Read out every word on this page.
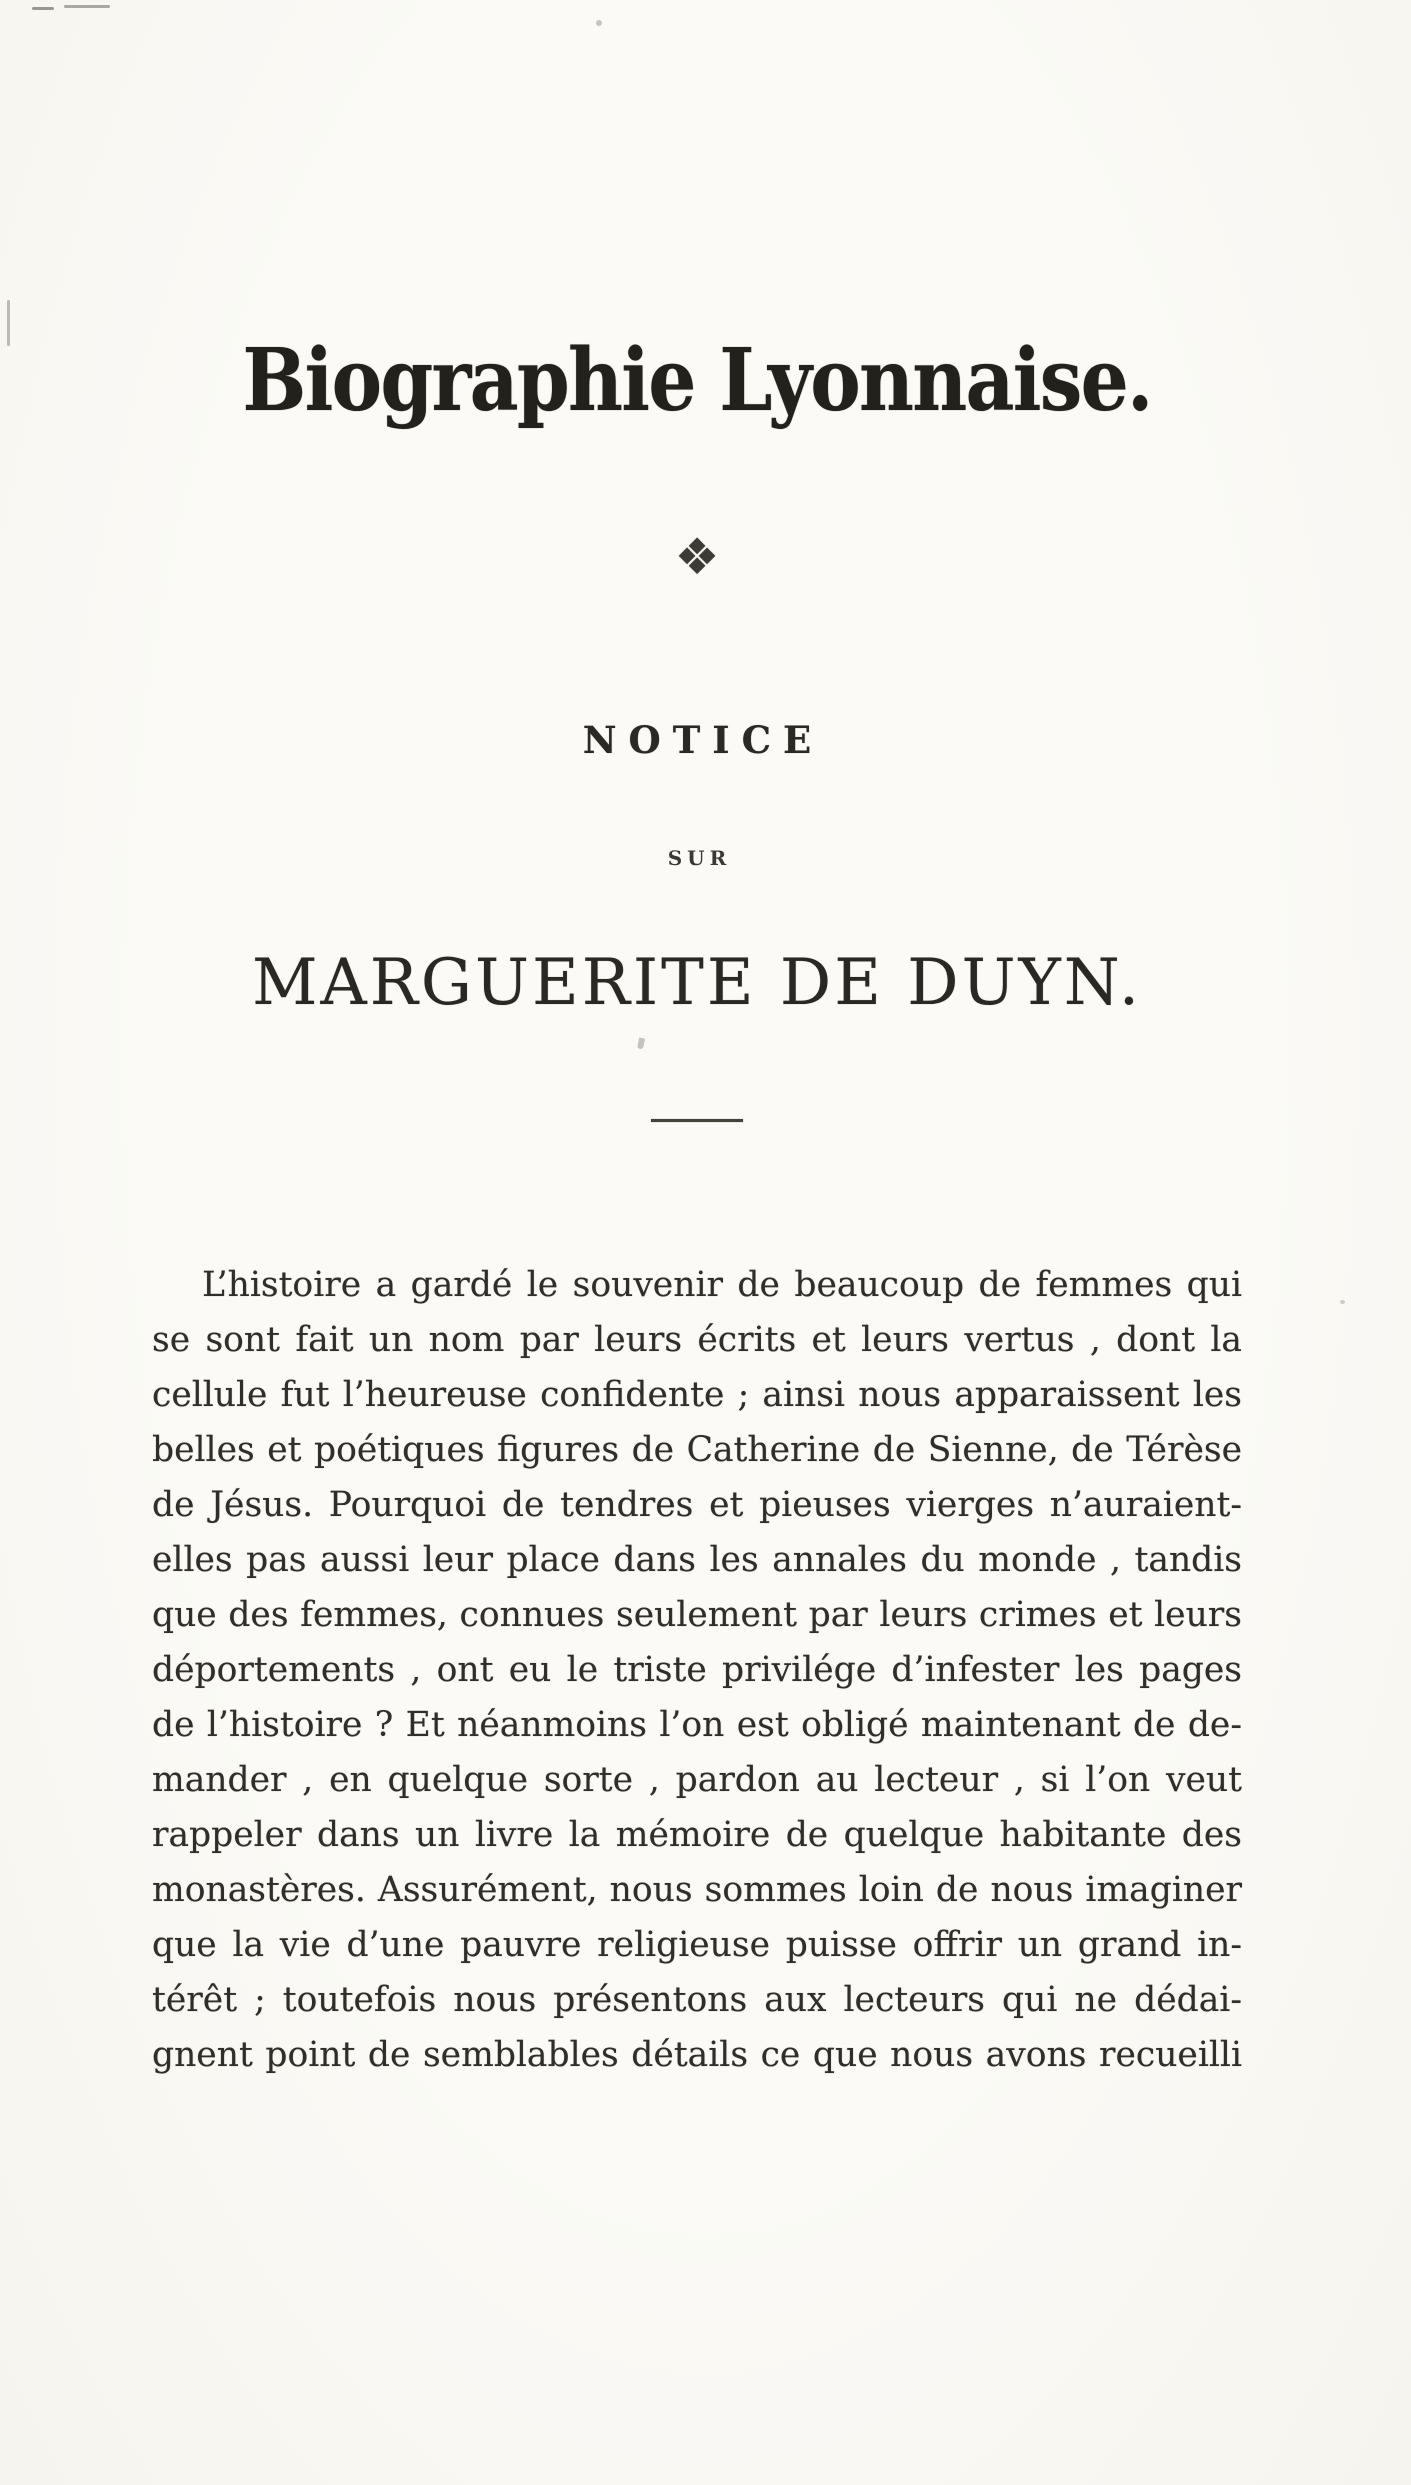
Biographie Lyonnaise.
❖
NOTICE
SUR
MARGUERITE DE DUYN.
L’histoire a gardé le souvenir de beaucoup de femmes qui
se sont fait un nom par leurs écrits et leurs vertus , dont la
cellule fut l’heureuse confidente ; ainsi nous apparaissent les
belles et poétiques figures de Catherine de Sienne, de Térèse
de Jésus. Pourquoi de tendres et pieuses vierges n’auraient-
elles pas aussi leur place dans les annales du monde , tandis
que des femmes, connues seulement par leurs crimes et leurs
déportements , ont eu le triste privilége d’infester les pages
de l’histoire ? Et néanmoins l’on est obligé maintenant de de-
mander , en quelque sorte , pardon au lecteur , si l’on veut
rappeler dans un livre la mémoire de quelque habitante des
monastères. Assurément, nous sommes loin de nous imaginer
que la vie d’une pauvre religieuse puisse offrir un grand in-
térêt ; toutefois nous présentons aux lecteurs qui ne dédai-
gnent point de semblables détails ce que nous avons recueilli
